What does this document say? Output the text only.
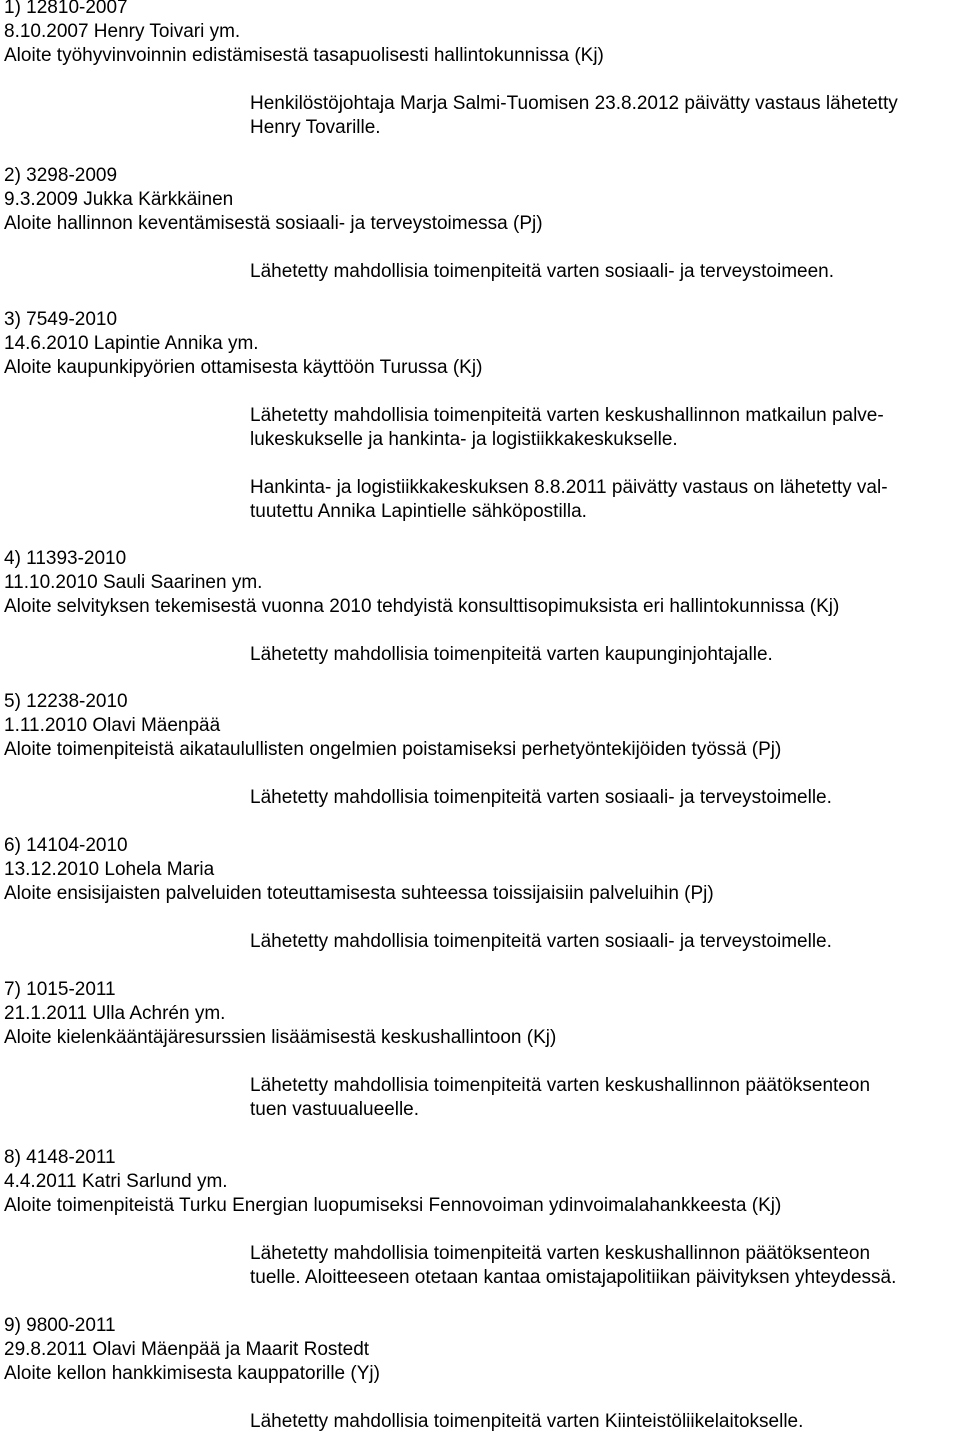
1) 12810-2007
8.10.2007 Henry Toivari ym.
Aloite työhyvinvoinnin edistämisestä tasapuolisesti hallintokunnissa (Kj)
Henkilöstöjohtaja Marja Salmi-Tuomisen 23.8.2012 päivätty vastaus lähetetty
Henry Tovarille.
2) 3298-2009
9.3.2009 Jukka Kärkkäinen
Aloite hallinnon keventämisestä sosiaali- ja terveystoimessa (Pj)
Lähetetty mahdollisia toimenpiteitä varten sosiaali- ja terveystoimeen.
3) 7549-2010
14.6.2010 Lapintie Annika ym.
Aloite kaupunkipyörien ottamisesta käyttöön Turussa (Kj)
Lähetetty mahdollisia toimenpiteitä varten keskushallinnon matkailun palve-
lukeskukselle ja hankinta- ja logistiikkakeskukselle.
Hankinta- ja logistiikkakeskuksen 8.8.2011 päivätty vastaus on lähetetty val-
tuutettu Annika Lapintielle sähköpostilla.
4) 11393-2010
11.10.2010 Sauli Saarinen ym.
Aloite selvityksen tekemisestä vuonna 2010 tehdyistä konsulttisopimuksista eri hallintokunnissa (Kj)
Lähetetty mahdollisia toimenpiteitä varten kaupunginjohtajalle.
5) 12238-2010
1.11.2010 Olavi Mäenpää
Aloite toimenpiteistä aikataulullisten ongelmien poistamiseksi perhetyöntekijöiden työssä (Pj)
Lähetetty mahdollisia toimenpiteitä varten sosiaali- ja terveystoimelle.
6) 14104-2010
13.12.2010 Lohela Maria
Aloite ensisijaisten palveluiden toteuttamisesta suhteessa toissijaisiin palveluihin (Pj)
Lähetetty mahdollisia toimenpiteitä varten sosiaali- ja terveystoimelle.
7) 1015-2011
21.1.2011 Ulla Achrén ym.
Aloite kielenkääntäjäresurssien lisäämisestä keskushallintoon (Kj)
Lähetetty mahdollisia toimenpiteitä varten keskushallinnon päätöksenteon
tuen vastuualueelle.
8) 4148-2011
4.4.2011 Katri Sarlund ym.
Aloite toimenpiteistä Turku Energian luopumiseksi Fennovoiman ydinvoimalahankkeesta (Kj)
Lähetetty mahdollisia toimenpiteitä varten keskushallinnon päätöksenteon
tuelle. Aloitteeseen otetaan kantaa omistajapolitiikan päivityksen yhteydessä.
9) 9800-2011
29.8.2011 Olavi Mäenpää ja Maarit Rostedt
Aloite kellon hankkimisesta kauppatorille (Yj)
Lähetetty mahdollisia toimenpiteitä varten Kiinteistöliikelaitokselle.
